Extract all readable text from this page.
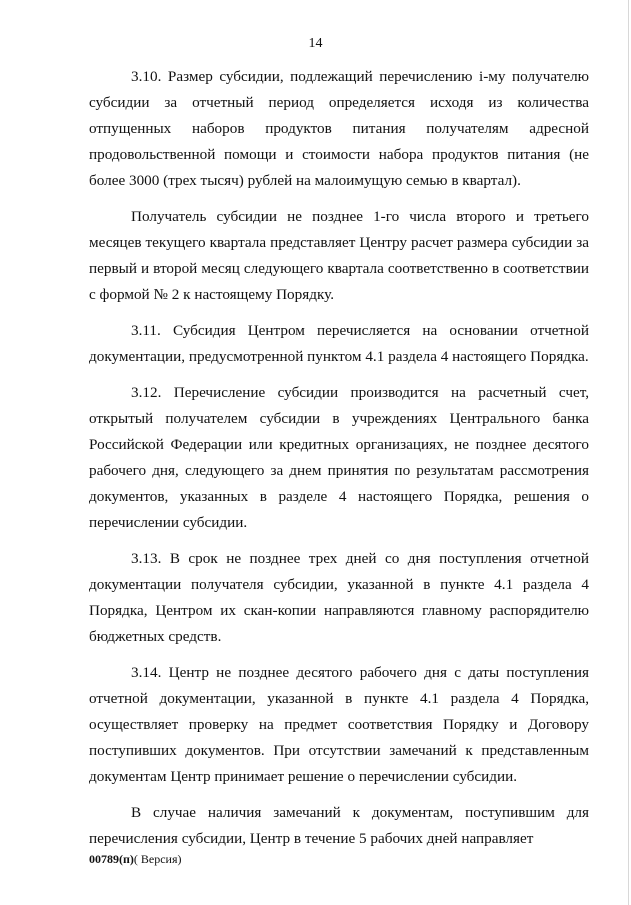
14

3.10. Размер субсидии, подлежащий перечислению i-му получателю субсидии за отчетный период определяется исходя из количества отпущенных наборов продуктов питания получателям адресной продовольственной помощи и стоимости набора продуктов питания (не более 3000 (трех тысяч) рублей на малоимущую семью в квартал).

Получатель субсидии не позднее 1-го числа второго и третьего месяцев текущего квартала представляет Центру расчет размера субсидии за первый и второй месяц следующего квартала соответственно в соответствии с формой № 2 к настоящему Порядку.

3.11. Субсидия Центром перечисляется на основании отчетной документации, предусмотренной пунктом 4.1 раздела 4 настоящего Порядка.

3.12. Перечисление субсидии производится на расчетный счет, открытый получателем субсидии в учреждениях Центрального банка Российской Федерации или кредитных организациях, не позднее десятого рабочего дня, следующего за днем принятия по результатам рассмотрения документов, указанных в разделе 4 настоящего Порядка, решения о перечислении субсидии.

3.13. В срок не позднее трех дней со дня поступления отчетной документации получателя субсидии, указанной в пункте 4.1 раздела 4 Порядка, Центром их скан-копии направляются главному распорядителю бюджетных средств.

3.14. Центр не позднее десятого рабочего дня с даты поступления отчетной документации, указанной в пункте 4.1 раздела 4 Порядка, осуществляет проверку на предмет соответствия Порядку и Договору поступивших документов. При отсутствии замечаний к представленным документам Центр принимает решение о перечислении субсидии.

В случае наличия замечаний к документам, поступившим для перечисления субсидии, Центр в течение 5 рабочих дней направляет

00789(п)( Версия)
